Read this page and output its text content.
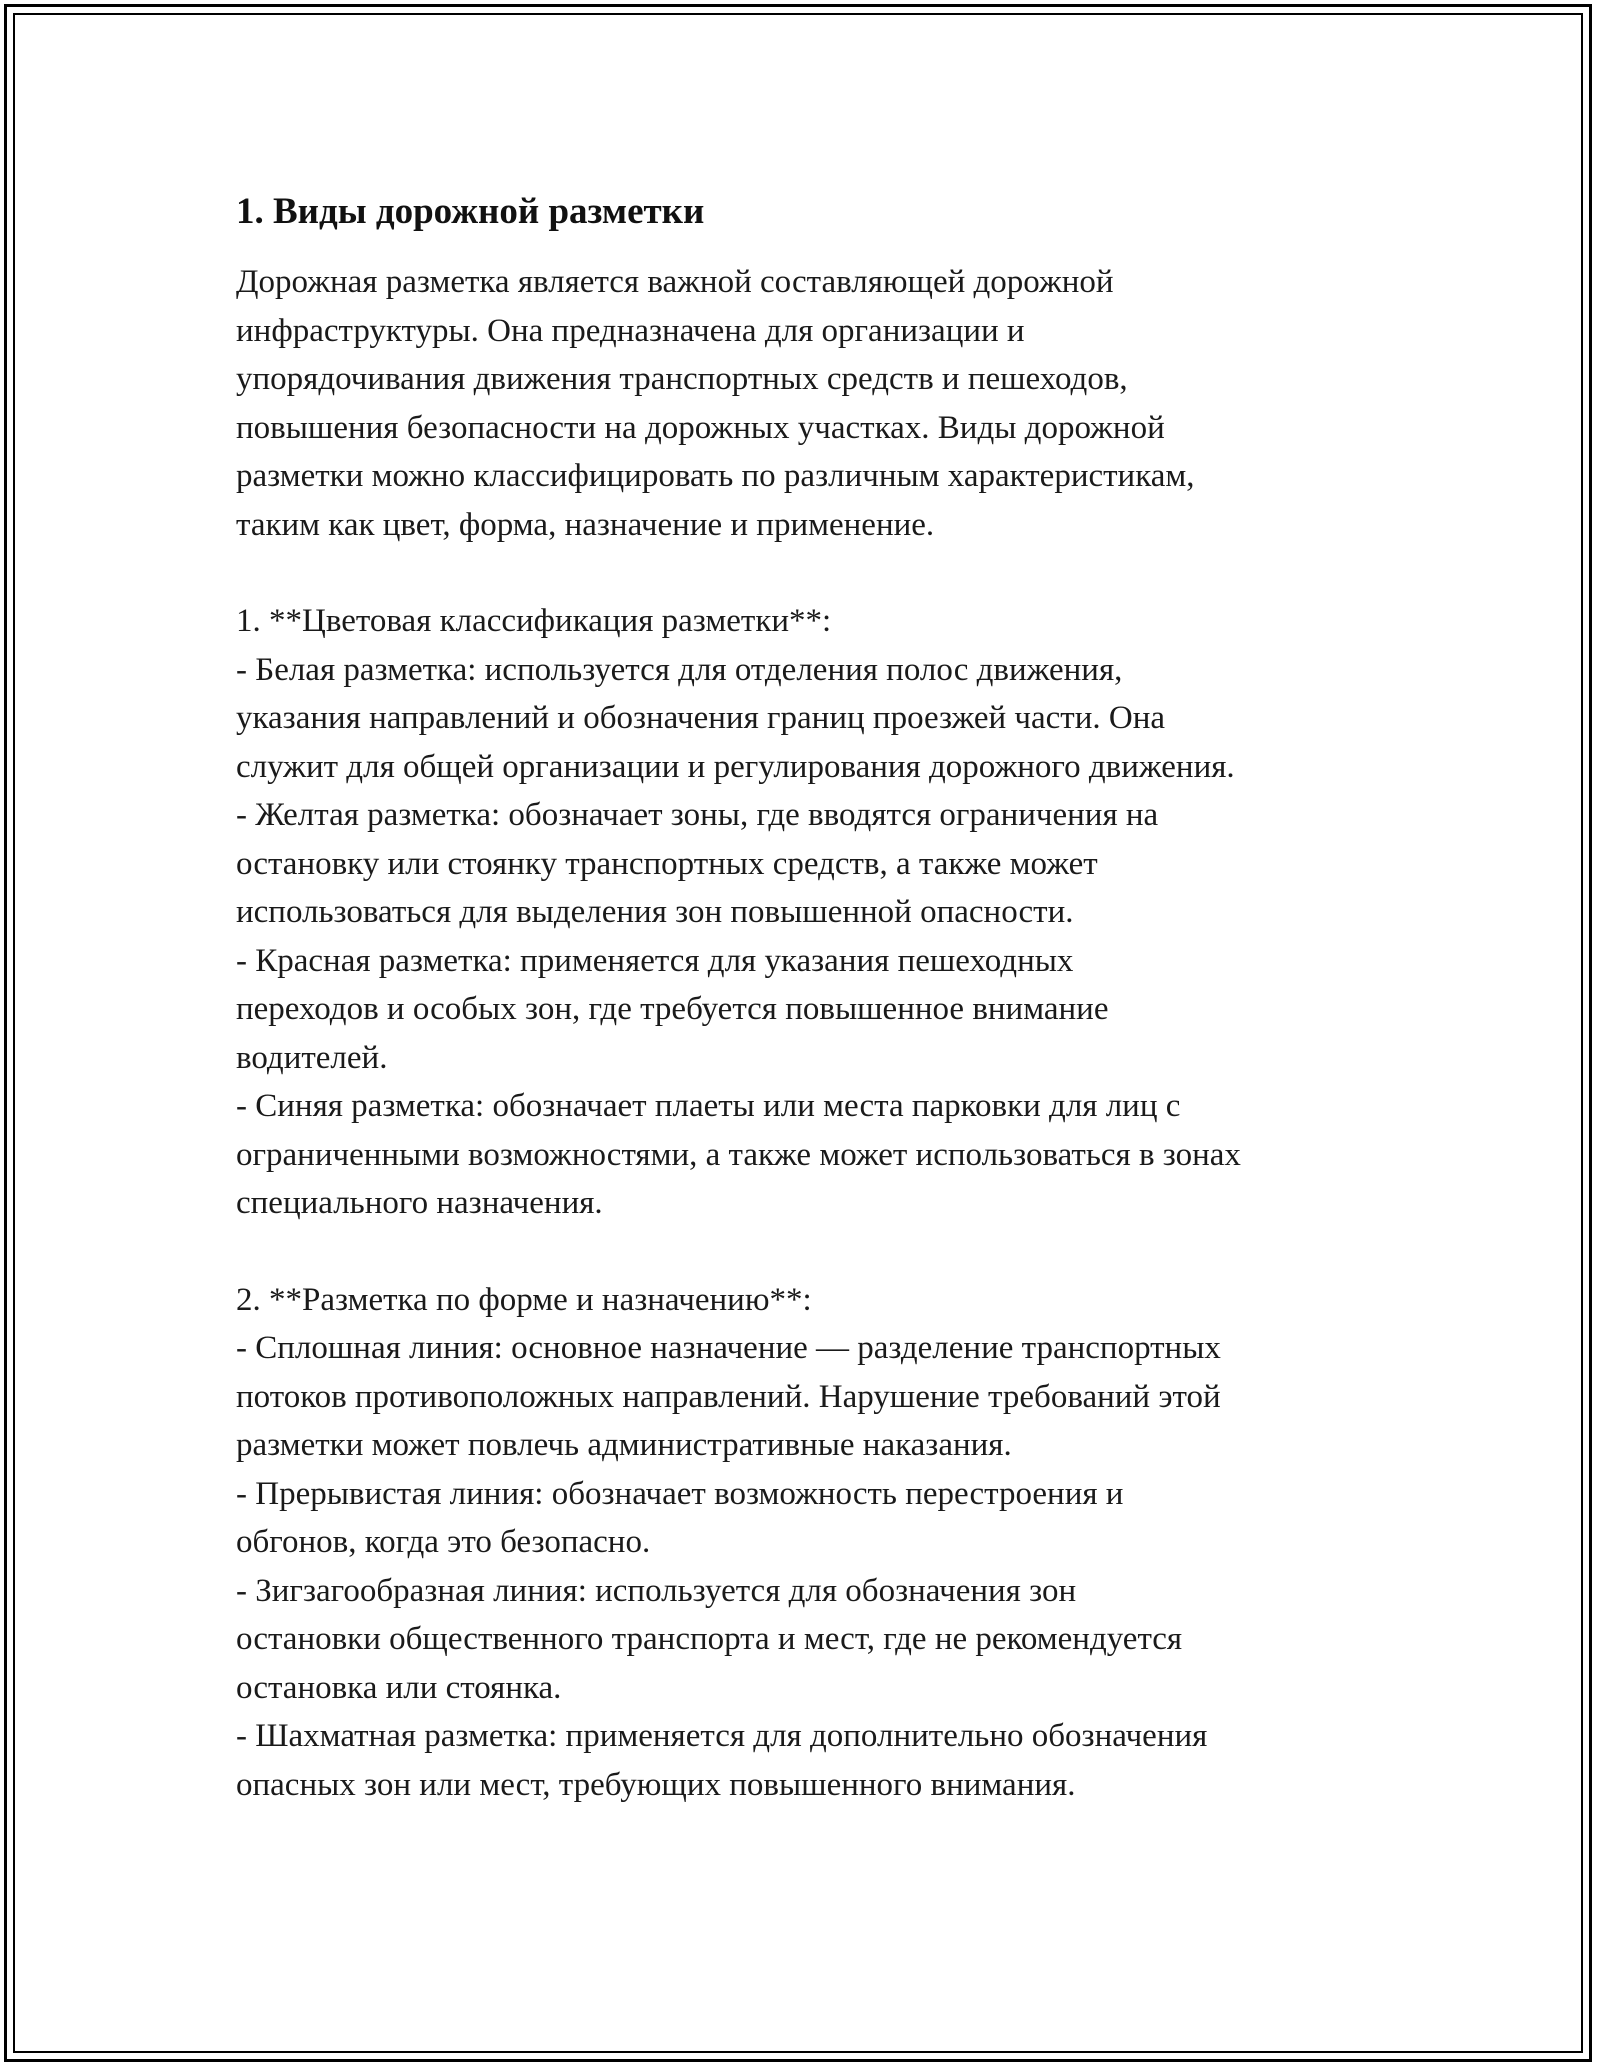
1. Виды дорожной разметки

Дорожная разметка является важной составляющей дорожной
инфраструктуры. Она предназначена для организации и
упорядочивания движения транспортных средств и пешеходов,
повышения безопасности на дорожных участках. Виды дорожной
разметки можно классифицировать по различным характеристикам,
таким как цвет, форма, назначение и применение.

1. **Цветовая классификация разметки**:

- Белая разметка: используется для отделения полос движения,
указания направлений и обозначения границ проезжей части. Она
служит для общей организации и регулирования дорожного движения.

- Желтая разметка: обозначает зоны, где вводятся ограничения на
остановку или стоянку транспортных средств, а также может
использоваться для выделения зон повышенной опасности.

- Красная разметка: применяется для указания пешеходных
переходов и особых зон, где требуется повышенное внимание
водителей.

- Синяя разметка: обозначает плаеты или места парковки для лиц с
ограниченными возможностями, а также может использоваться в зонах
специального назначения.

2. **Разметка по форме и назначению**:

- Сплошная линия: основное назначение — разделение транспортных
потоков противоположных направлений. Нарушение требований этой
разметки может повлечь административные наказания.

- Прерывистая линия: обозначает возможность перестроения и
обгонов, когда это безопасно.

- Зигзагообразная линия: используется для обозначения зон
остановки общественного транспорта и мест, где не рекомендуется
остановка или стоянка.

- Шахматная разметка: применяется для дополнительно обозначения
опасных зон или мест, требующих повышенного внимания.
